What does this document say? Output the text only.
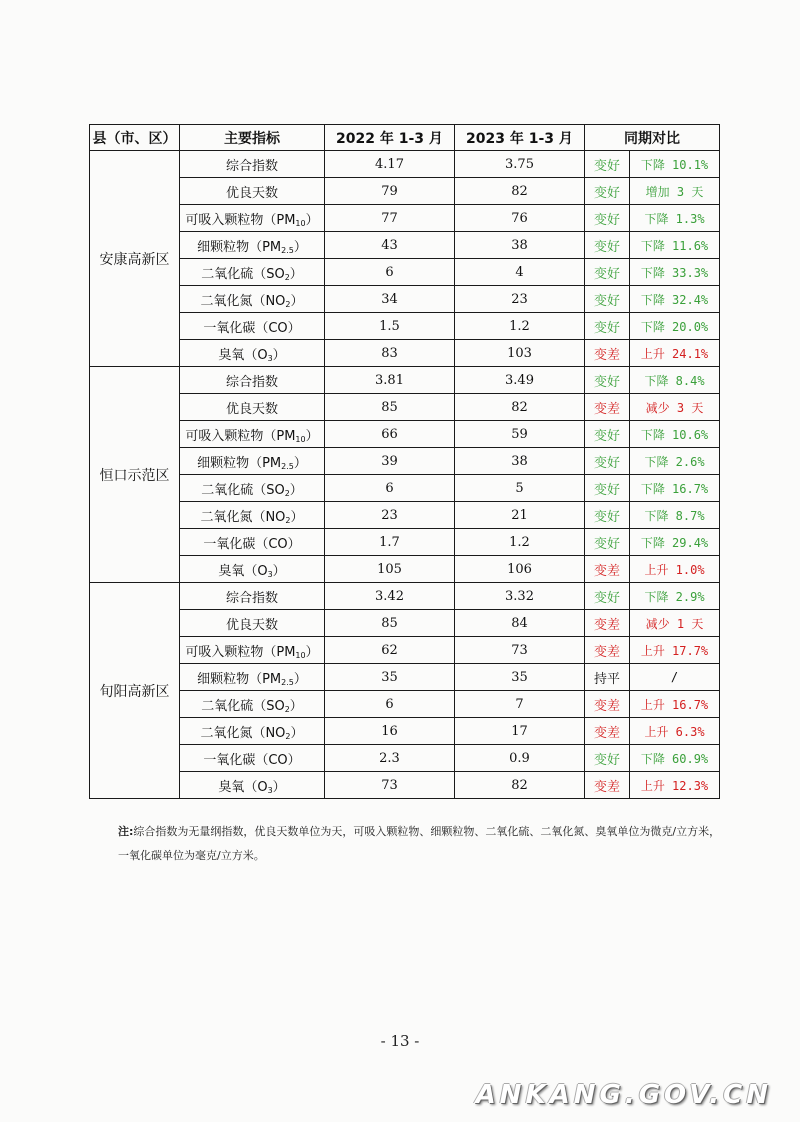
县（市、区）	主要指标	2022 年 1-3 月	2023 年 1-3 月	同期对比	
安康高新区	综合指数	4.17	3.75	变好	下降 10.1%
	优良天数	79	82	变好	增加 3 天
	可吸入颗粒物$(PM_{10})$	77	76	变好	下降 1.3%
	细颗粒物$(PM_{2.5})$	43	38	变好	下降 11.6%
	二氧化硫$(SO_2)$	6	4	变好	下降 33.3%
	二氧化氮$(NO_2)$	34	23	变好	下降 32.4%
	一氧化碳（CO）	1.5	1.2	变好	下降 20.0%
	臭氧$(O_3)$	83	103	变差	上升 24.1%
恒口示范区	综合指数	3.81	3.49	变好	下降 8.4%
	优良天数	85	82	变差	减少 3 天
	可吸入颗粒物$(PM_{10})$	66	59	变好	下降 10.6%
	细颗粒物$(PM_{2.5})$	39	38	变好	下降 2.6%
	二氧化硫$(SO_2)$	6	5	变好	下降 16.7%
	二氧化氮$(NO_2)$	23	21	变好	下降 8.7%
	一氧化碳（CO）	1.7	1.2	变好	下降 29.4%
	臭氧$(O_3)$	105	106	变差	上升 1.0%
旬阳高新区	综合指数	3.42	3.32	变好	下降 2.9%
	优良天数	85	84	变差	减少 1 天
	可吸入颗粒物$(PM_{10})$	62	73	变差	上升 17.7%
	细颗粒物$(PM_{2.5})$	35	35	持平	/
	二氧化硫$(SO_2)$	6	7	变差	上升 16.7%
	二氧化氮$(NO_2)$	16	17	变差	上升 6.3%
	一氧化碳（CO）	2.3	0.9	变好	下降 60.9%
	臭氧$(O_3)$	73	82	变差	上升 12.3%
注:综合指数为无量纲指数，优良天数单位为天，可吸入颗粒物、细颗粒物、二氧化硫、二氧化氮、臭氧单位为微克/立方米，一氧化碳单位为毫克/立方米。
- 13 -
ANKANG.GOV.CN
